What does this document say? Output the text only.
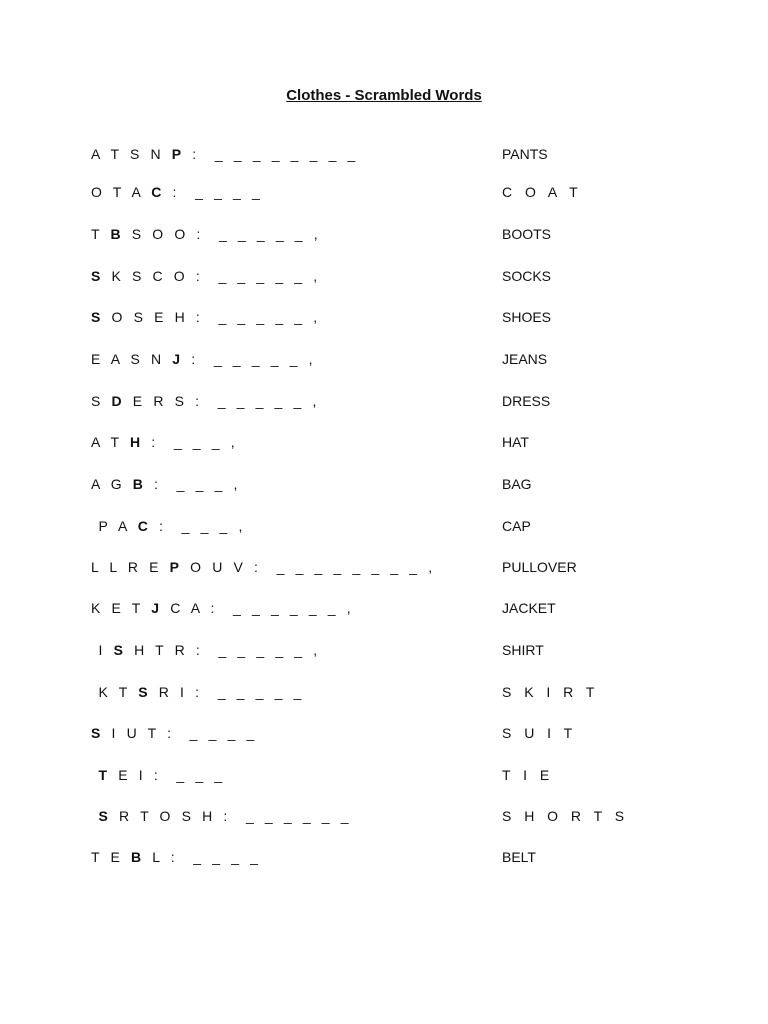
Clothes - Scrambled Words
A T S N P :  _ _ _ _ _ _ _ _	PANTS
O T A C :  _ _ _ _	C O A T
T B S O O :  _ _ _ _ _ ,	BOOTS
S K S C O :  _ _ _ _ _ ,	SOCKS
S O S E H :  _ _ _ _ _ ,	SHOES
E A S N J :  _ _ _ _ _ ,	JEANS
S D E R S :  _ _ _ _ _ ,	DRESS
A T H :  _ _ _ ,	HAT
A G B :  _ _ _ ,	BAG
P A C :  _ _ _ ,	CAP
L L R E P O U V :  _ _ _ _ _ _ _ _ ,	PULLOVER
K E T J C A :  _ _ _ _ _ _ ,	JACKET
I S H T R :  _ _ _ _ _ ,	SHIRT
K T S R I :  _ _ _ _ _	S K I R T
S I U T :  _ _ _ _	S U I T
T E I :  _ _ _	T I E
S R T O S H :  _ _ _ _ _ _	S H O R T S
T E B L :  _ _ _ _	BELT
